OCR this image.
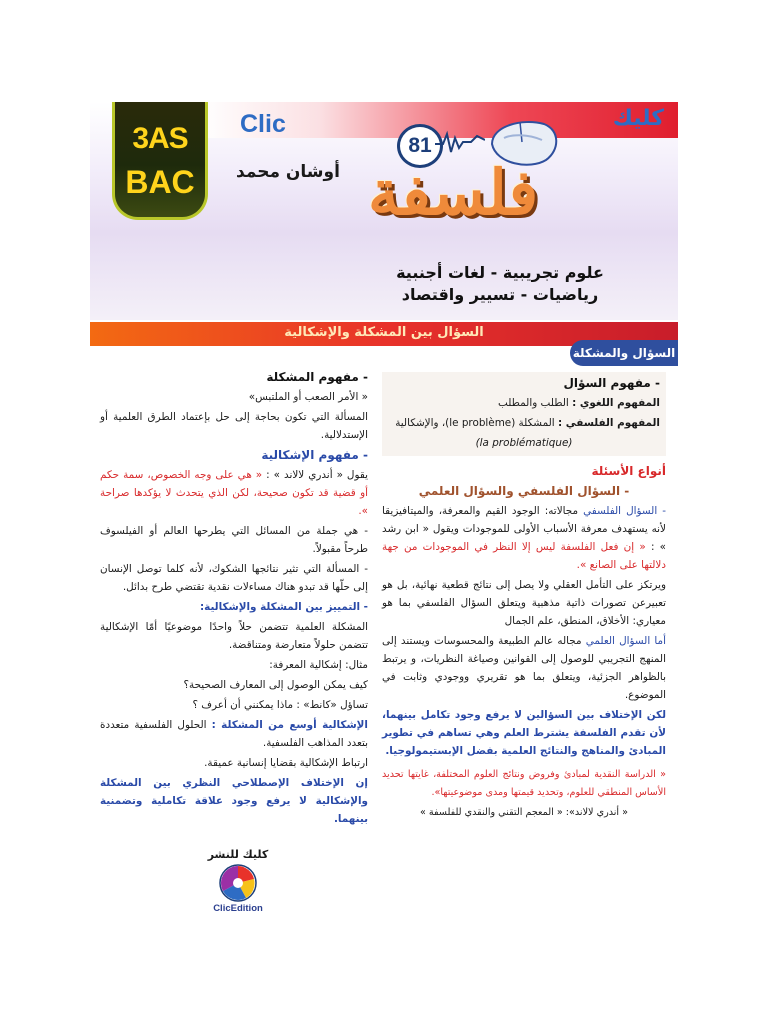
3AS
BAC
Clic	كليك
81
أوشان محمد فلسفة
علوم تجريبية - لغات أجنبية
رياضيات - تسيير واقتصاد
السؤال بين المشكلة والإشكالية
السؤال والمشكلة

- مفهوم السؤال

المفهوم اللغوي : الطلب والمطلب

المفهوم الفلسفي : المشكلة (le problème)، والإشكالية

(la problématique)

أنواع الأسئلة

- السؤال الفلسفي والسؤال العلمي

- السؤال الفلسفي مجالاته: الوجود القيم والمعرفة، والميتافيزيقا لأنه يستهدف معرفة الأسباب الأولى للموجودات ويقول « ابن رشد » : « إن فعل الفلسفة ليس إلا النظر في الموجودات من جهة دلالتها على الصانع ».

ويرتكز على التأمل العقلي ولا يصل إلى نتائج قطعية نهائية، بل هو تعبيرعن تصورات ذاتية مذهبية ويتعلق السؤال الفلسفي بما هو معياري: الأخلاق، المنطق، علم الجمال

أما السؤال العلمي مجاله عالم الطبيعة والمحسوسات ويستند إلى المنهج التجريبي للوصول إلى القوانين وصياغة النظريات، و يرتبط بالظواهر الجزئية، ويتعلق بما هو تقريري ووجودي وثابت في الموضوع.

لكن الإختلاف بين السؤالين لا يرفع وجود تكامل بينهما، لأن تقدم الفلسفة يشترط العلم وهي تساهم في تطوير المبادئ والمناهج والنتائج العلمية بفضل الإبستيمولوجيا.

« الدراسة النقدية لمبادئ وفروض ونتائج العلوم المختلفة، غايتها تحديد الأساس المنطقي للعلوم، وتحديد قيمتها ومدى موضوعيتها».

« أندري لالاند»: « المعجم التقني والنقدي للفلسفة »

- مفهوم المشكلة

« الأمر الصعب أو الملتبس»

المسألة التي تكون بحاجة إلى حل بإعتماد الطرق العلمية أو الإستدلالية.

- مفهوم الإشكالية

يقول « أندري لالاند » : « هي على وجه الخصوص، سمة حكم أو قضية قد تكون صحيحة، لكن الذي يتحدث لا يؤكدها صراحة ».

- هي جملة من المسائل التي يطرحها العالم أو الفيلسوف طرحاً مقبولاً.

- المسألة التي تثير نتائجها الشكوك، لأنه كلما توصل الإنسان إلى حلّها قد تبدو هناك مساءلات نقدية تقتضي طرح بدائل.

- التمييز بين المشكلة والإشكالية:

المشكلة العلمية تتضمن حلاً واحدًا موضوعيًا أمّا الإشكالية تتضمن حلولاً متعارضة ومتناقضة.

مثال: إشكالية المعرفة:

كيف يمكن الوصول إلى المعارف الصحيحة؟

تساؤل «كانط» : ماذا يمكنني أن أعرف ؟

الإشكالية أوسع من المشكلة : الحلول الفلسفية متعددة بتعدد المذاهب الفلسفية.

ارتباط الإشكالية بقضايا إنسانية عميقة.

إن الإختلاف الإصطلاحي النظري بين المشكلة والإشكالية لا يرفع وجود علاقة تكاملية وتضمنية بينهما.

كليك للنشر
ClicEdition
